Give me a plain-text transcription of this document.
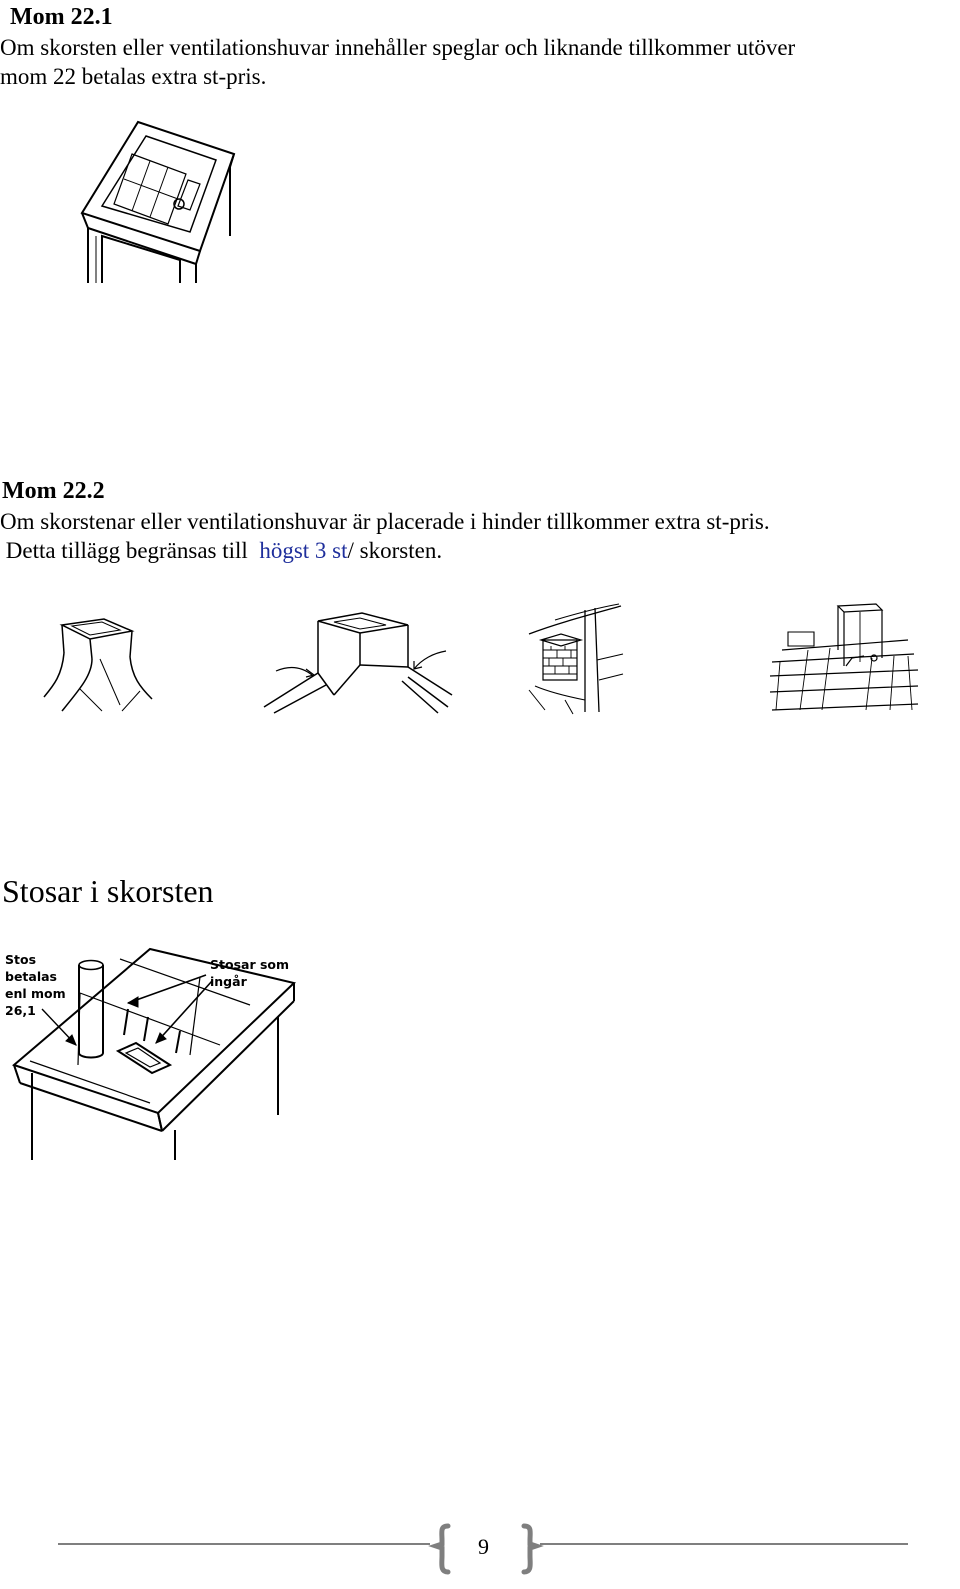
Mom 22.1
Om skorsten eller ventilationshuvar innehåller speglar och liknande tillkommer utöver
mom 22 betalas extra st-pris.
Mom 22.2
Om skorstenar eller ventilationshuvar är placerade i hinder tillkommer extra st-pris.
Detta tillägg begränsas till  högst 3 st/ skorsten.
Stosar i skorsten
Stos
betalas
enl mom
26,1
Stosar som
ingår
9
